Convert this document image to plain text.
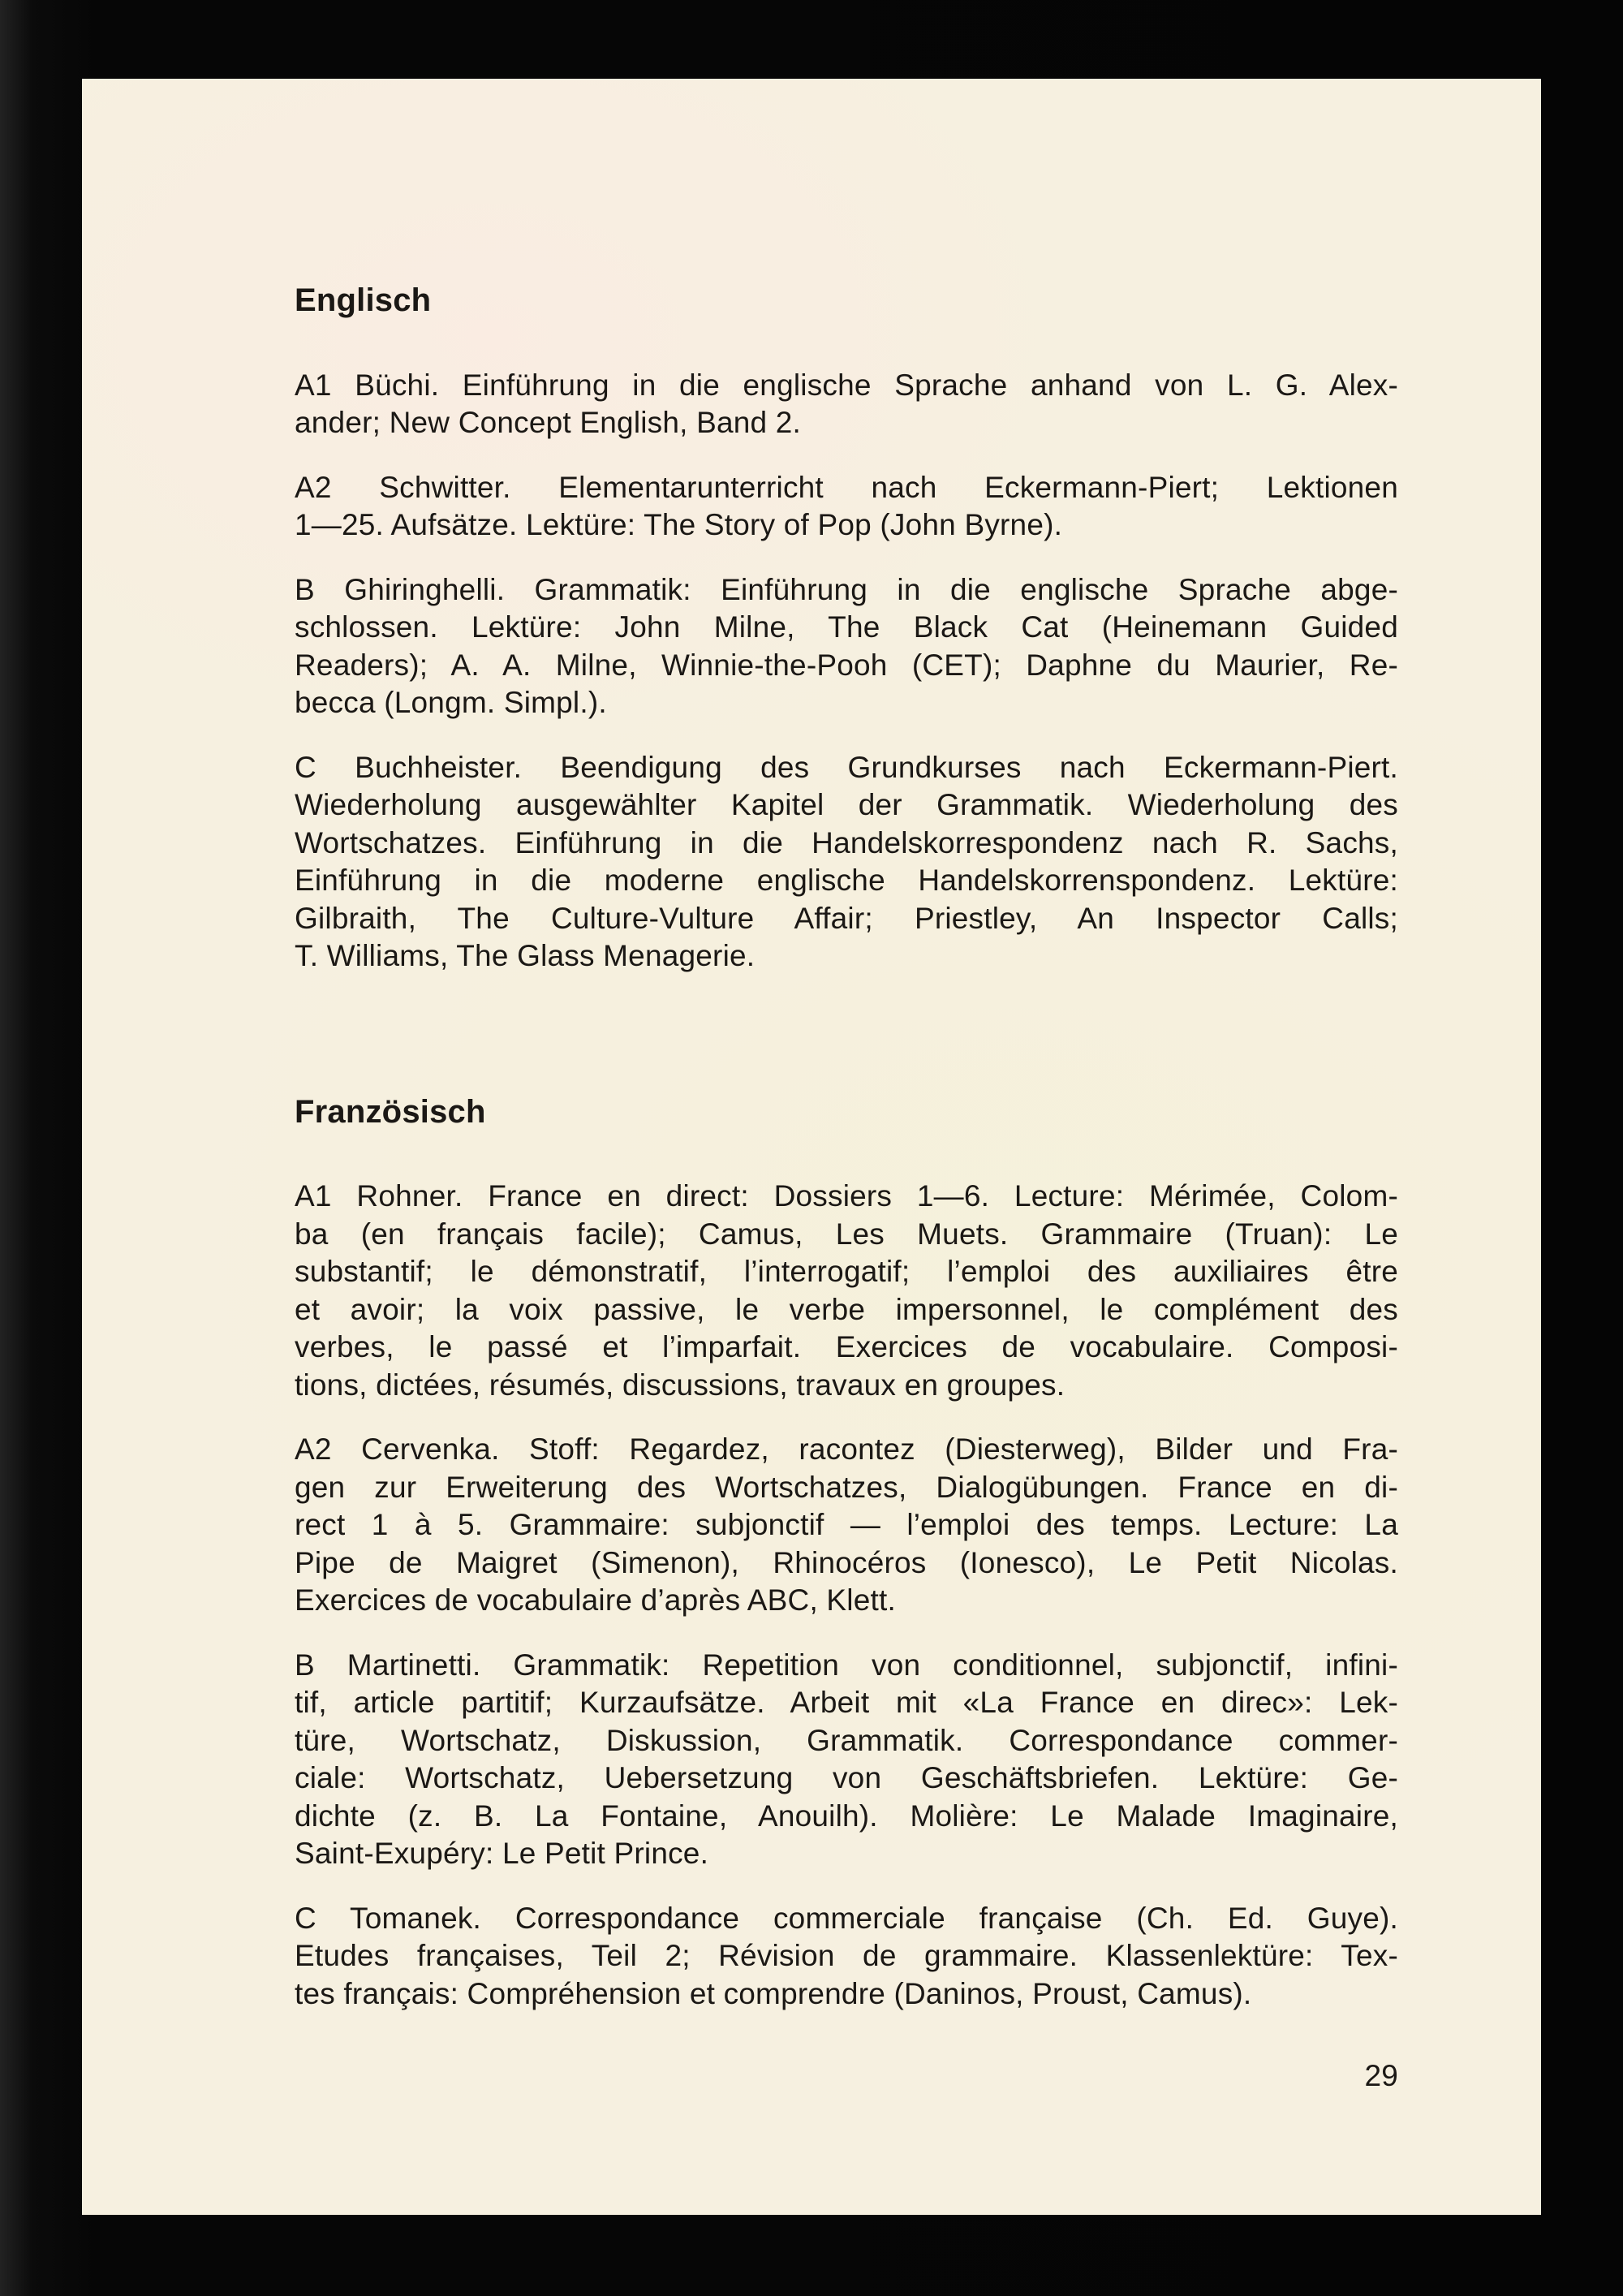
Englisch
A1 Büchi. Einführung in die englische Sprache anhand von L. G. Alex-
ander; New Concept English, Band 2.
A2 Schwitter. Elementarunterricht nach Eckermann-Piert; Lektionen
1—25. Aufsätze. Lektüre: The Story of Pop (John Byrne).
B Ghiringhelli. Grammatik: Einführung in die englische Sprache abge-
schlossen. Lektüre: John Milne, The Black Cat (Heinemann Guided
Readers); A. A. Milne, Winnie-the-Pooh (CET); Daphne du Maurier, Re-
becca (Longm. Simpl.).
C Buchheister. Beendigung des Grundkurses nach Eckermann-Piert.
Wiederholung ausgewählter Kapitel der Grammatik. Wiederholung des
Wortschatzes. Einführung in die Handelskorrespondenz nach R. Sachs,
Einführung in die moderne englische Handelskorrenspondenz. Lektüre:
Gilbraith, The Culture-Vulture Affair; Priestley, An Inspector Calls;
T. Williams, The Glass Menagerie.
Französisch
A1 Rohner. France en direct: Dossiers 1—6. Lecture: Mérimée, Colom-
ba (en français facile); Camus, Les Muets. Grammaire (Truan): Le
substantif; le démonstratif, l’interrogatif; l’emploi des auxiliaires être
et avoir; la voix passive, le verbe impersonnel, le complément des
verbes, le passé et l’imparfait. Exercices de vocabulaire. Composi-
tions, dictées, résumés, discussions, travaux en groupes.
A2 Cervenka. Stoff: Regardez, racontez (Diesterweg), Bilder und Fra-
gen zur Erweiterung des Wortschatzes, Dialogübungen. France en di-
rect 1 à 5. Grammaire: subjonctif — l’emploi des temps. Lecture: La
Pipe de Maigret (Simenon), Rhinocéros (Ionesco), Le Petit Nicolas.
Exercices de vocabulaire d’après ABC, Klett.
B Martinetti. Grammatik: Repetition von conditionnel, subjonctif, infini-
tif, article partitif; Kurzaufsätze. Arbeit mit «La France en direc»: Lek-
türe, Wortschatz, Diskussion, Grammatik. Correspondance commer-
ciale: Wortschatz, Uebersetzung von Geschäftsbriefen. Lektüre: Ge-
dichte (z. B. La Fontaine, Anouilh). Molière: Le Malade Imaginaire,
Saint-Exupéry: Le Petit Prince.
C Tomanek. Correspondance commerciale française (Ch. Ed. Guye).
Etudes françaises, Teil 2; Révision de grammaire. Klassenlektüre: Tex-
tes français: Compréhension et comprendre (Daninos, Proust, Camus).
29
